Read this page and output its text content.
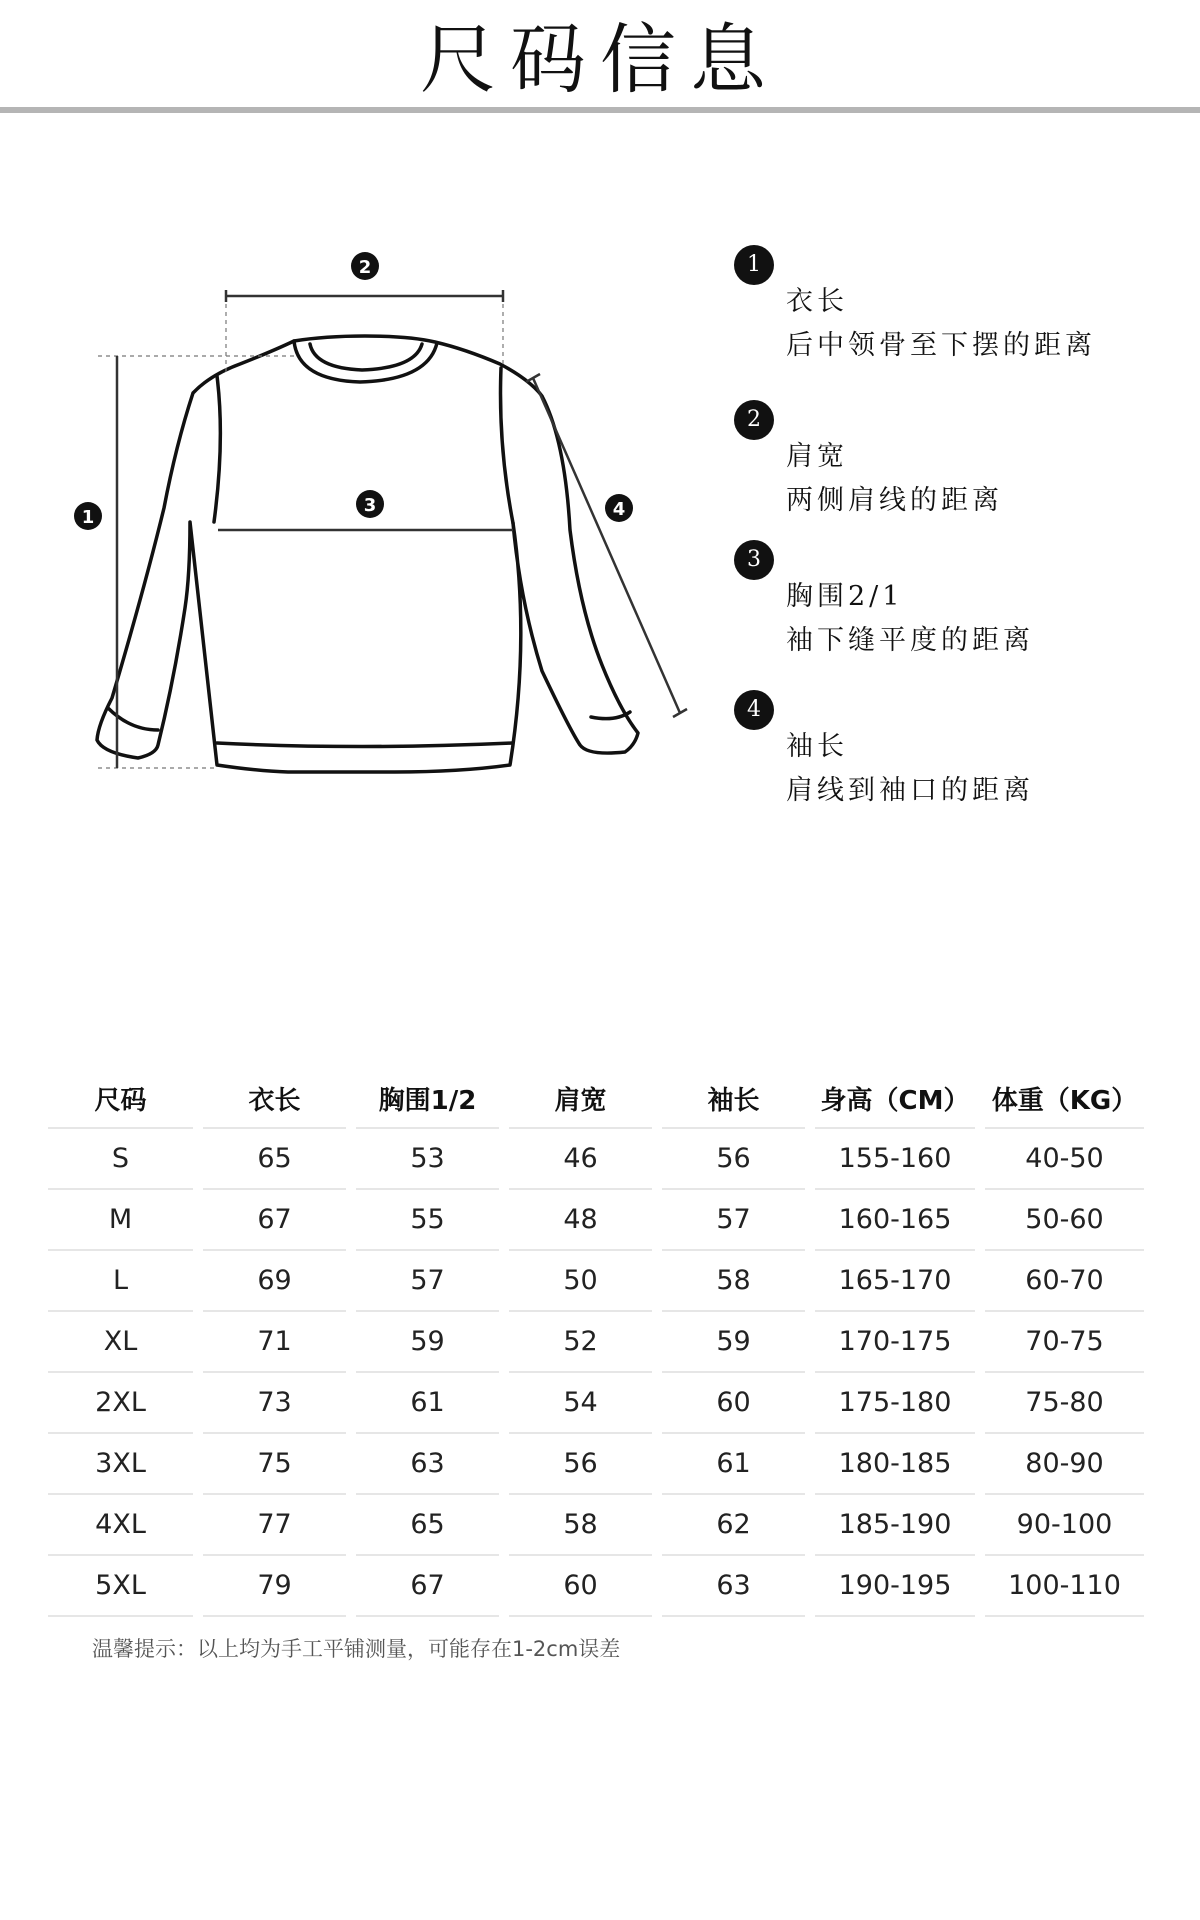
尺码信息
1
2
3	4
1
衣长
后中领骨至下摆的距离
2
肩宽
两侧肩线的距离
3
胸围2/1
袖下缝平度的距离
4
袖长
肩线到袖口的距离
尺码	衣长	胸围1/2	肩宽	袖长	身高（CM）	体重（KG）
S	65	53	46	56	155-160	40-50
M	67	55	48	57	160-165	50-60
L	69	57	50	58	165-170	60-70
XL	71	59	52	59	170-175	70-75
2XL	73	61	54	60	175-180	75-80
3XL	75	63	56	61	180-185	80-90
4XL	77	65	58	62	185-190	90-100
5XL	79	67	60	63	190-195	100-110
温馨提示：以上均为手工平铺测量，可能存在1-2cm误差
